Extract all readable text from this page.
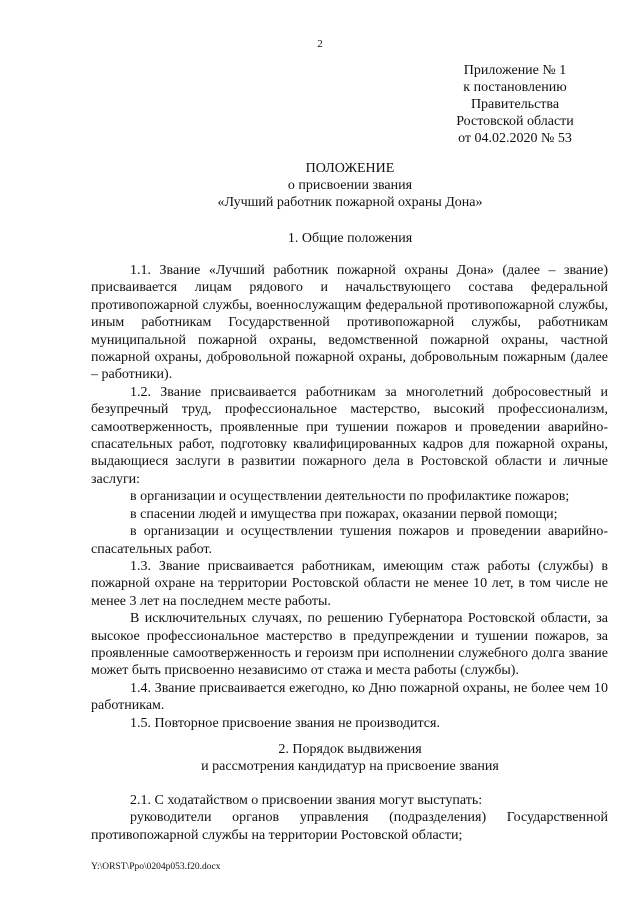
2
Приложение № 1
к постановлению
Правительства
Ростовской области
от 04.02.2020 № 53
ПОЛОЖЕНИЕ
о присвоении звания
«Лучший работник пожарной охраны Дона»
1. Общие положения

1.1. Звание «Лучший работник пожарной охраны Дона» (далее – звание) присваивается лицам рядового и начальствующего состава федеральной противопожарной службы, военнослужащим федеральной противопожарной службы, иным работникам Государственной противопожарной службы, работникам муниципальной пожарной охраны, ведомственной пожарной охраны, частной пожарной охраны, добровольной пожарной охраны, добровольным пожарным (далее – работники).

1.2. Звание присваивается работникам за многолетний добросовестный и безупречный труд, профессиональное мастерство, высокий профессионализм, самоотверженность, проявленные при тушении пожаров и проведении аварийно-спасательных работ, подготовку квалифицированных кадров для пожарной охраны, выдающиеся заслуги в развитии пожарного дела в Ростовской области и личные заслуги:

в организации и осуществлении деятельности по профилактике пожаров;

в спасении людей и имущества при пожарах, оказании первой помощи;

в организации и осуществлении тушения пожаров и проведении аварийно-спасательных работ.

1.3. Звание присваивается работникам, имеющим стаж работы (службы) в пожарной охране на территории Ростовской области не менее 10 лет, в том числе не менее 3 лет на последнем месте работы.

В исключительных случаях, по решению Губернатора Ростовской области, за высокое профессиональное мастерство в предупреждении и тушении пожаров, за проявленные самоотверженность и героизм при исполнении служебного долга звание может быть присвоенно независимо от стажа и места работы (службы).

1.4. Звание присваивается ежегодно, ко Дню пожарной охраны, не более чем 10 работникам.

1.5. Повторное присвоение звания не производится.

2. Порядок выдвижения
и рассмотрения кандидатур на присвоение звания

2.1. С ходатайством о присвоении звания могут выступать:

руководители органов управления (подразделения) Государственной противопожарной службы на территории Ростовской области;

Y:\ORST\Ppo\0204p053.f20.docx
